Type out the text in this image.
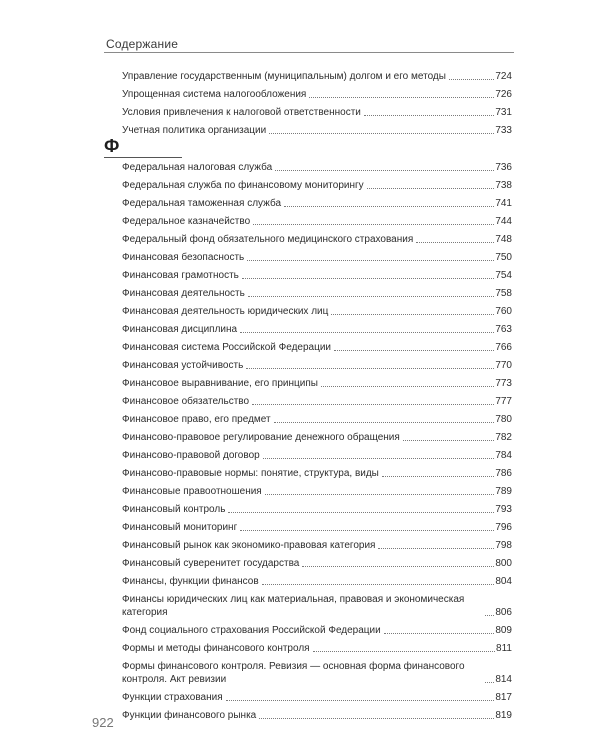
Содержание
Управление государственным (муниципальным) долгом и его методы	724
Упрощенная система налогообложения	726
Условия привлечения к налоговой ответственности	731
Учетная политика организации	733
Ф
Федеральная налоговая служба	736
Федеральная служба по финансовому мониторингу	738
Федеральная таможенная служба	741
Федеральное казначейство	744
Федеральный фонд обязательного медицинского страхования	748
Финансовая безопасность	750
Финансовая грамотность	754
Финансовая деятельность	758
Финансовая деятельность юридических лиц	760
Финансовая дисциплина	763
Финансовая система Российской Федерации	766
Финансовая устойчивость	770
Финансовое выравнивание, его принципы	773
Финансовое обязательство	777
Финансовое право, его предмет	780
Финансово-правовое регулирование денежного обращения	782
Финансово-правовой договор	784
Финансово-правовые нормы: понятие, структура, виды	786
Финансовые правоотношения	789
Финансовый контроль	793
Финансовый мониторинг	796
Финансовый рынок как экономико-правовая категория	798
Финансовый суверенитет государства	800
Финансы, функции финансов	804
Финансы юридических лиц как материальная, правовая и экономическая категория	806
Фонд социального страхования Российской Федерации	809
Формы и методы финансового контроля	811
Формы финансового контроля. Ревизия — основная форма финансового контроля. Акт ревизии	814
Функции страхования	817
Функции финансового рынка	819
922
